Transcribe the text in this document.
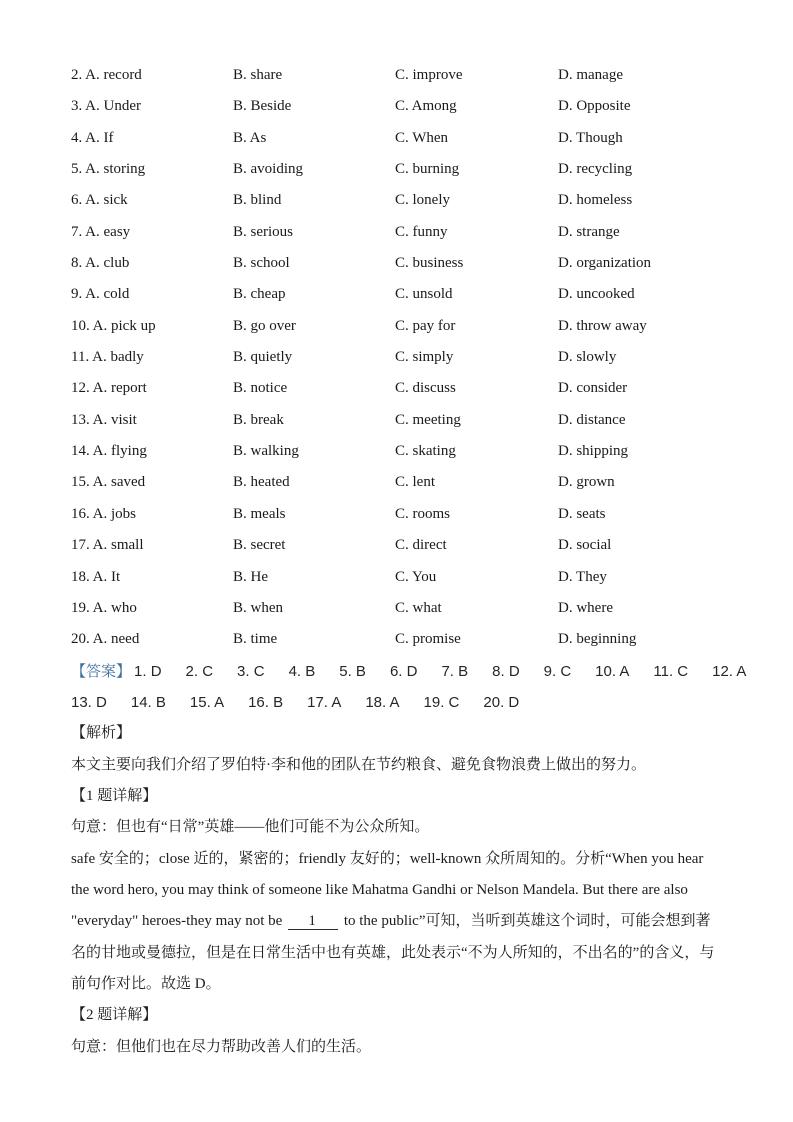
2. A. record	B. share	C. improve	D. manage
3. A. Under	B. Beside	C. Among	D. Opposite
4. A. If	B. As	C. When	D. Though
5. A. storing	B. avoiding	C. burning	D. recycling
6. A. sick	B. blind	C. lonely	D. homeless
7. A. easy	B. serious	C. funny	D. strange
8. A. club	B. school	C. business	D. organization
9. A. cold	B. cheap	C. unsold	D. uncooked
10. A. pick up	B. go over	C. pay for	D. throw away
11. A. badly	B. quietly	C. simply	D. slowly
12. A. report	B. notice	C. discuss	D. consider
13. A. visit	B. break	C. meeting	D. distance
14. A. flying	B. walking	C. skating	D. shipping
15. A. saved	B. heated	C. lent	D. grown
16. A. jobs	B. meals	C. rooms	D. seats
17. A. small	B. secret	C. direct	D. social
18. A. It	B. He	C. You	D. They
19. A. who	B. when	C. what	D. where
20. A. need	B. time	C. promise	D. beginning
【答案】 1. D 2. C 3. C 4. B 5. B 6. D 7. B 8. D 9. C 10. A 11. C 12. A
13. D 14. B 15. A 16. B 17. A 18. A 19. C 20. D

【解析】

本文主要向我们介绍了罗伯特·李和他的团队在节约粮食、避免食物浪费上做出的努力。

【1 题详解】

句意：但也有“日常”英雄——他们可能不为公众所知。

safe 安全的；close 近的，紧密的；friendly 友好的；well-known 众所周知的。分析“When you hear the word hero, you may think of someone like Mahatma Gandhi or Nelson Mandela. But there are also "everyday" heroes-they may not be 1 to the public”可知，当听到英雄这个词时，可能会想到著名的甘地或曼德拉，但是在日常生活中也有英雄，此处表示“不为人所知的，不出名的”的含义，与前句作对比。故选 D。

【2 题详解】

句意：但他们也在尽力帮助改善人们的生活。
